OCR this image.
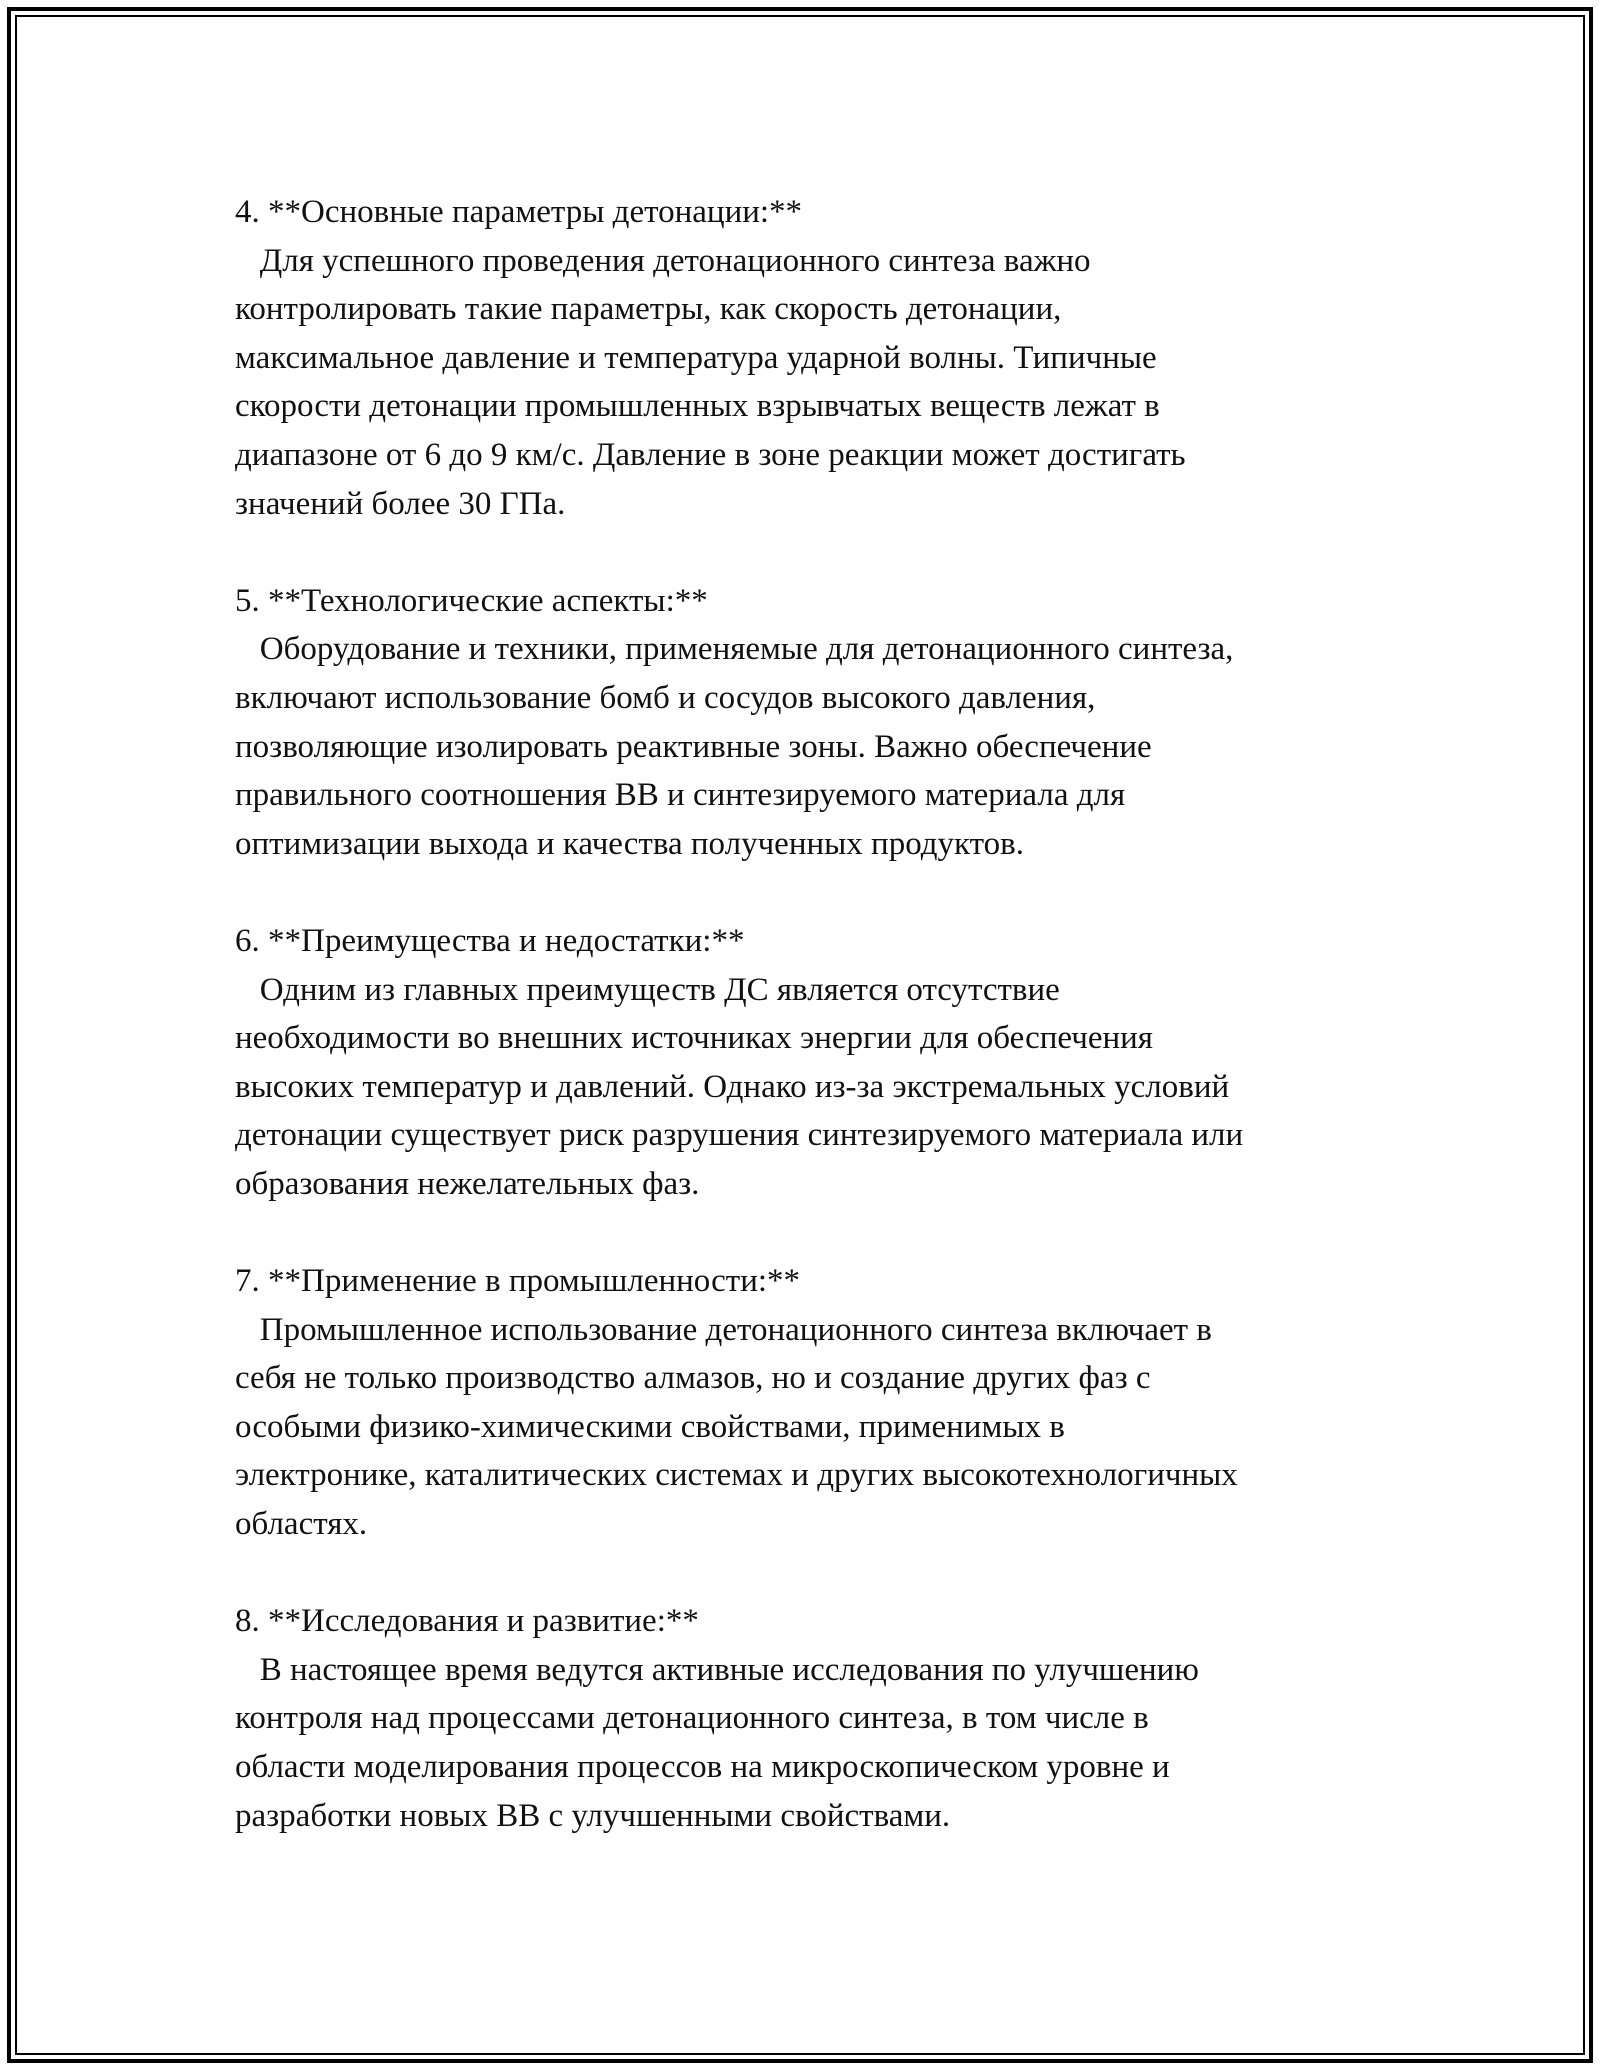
4. **Основные параметры детонации:**
Для успешного проведения детонационного синтеза важно
контролировать такие параметры, как скорость детонации,
максимальное давление и температура ударной волны. Типичные
скорости детонации промышленных взрывчатых веществ лежат в
диапазоне от 6 до 9 км/с. Давление в зоне реакции может достигать
значений более 30 ГПа.
5. **Технологические аспекты:**
Оборудование и техники, применяемые для детонационного синтеза,
включают использование бомб и сосудов высокого давления,
позволяющие изолировать реактивные зоны. Важно обеспечение
правильного соотношения ВВ и синтезируемого материала для
оптимизации выхода и качества полученных продуктов.
6. **Преимущества и недостатки:**
Одним из главных преимуществ ДС является отсутствие
необходимости во внешних источниках энергии для обеспечения
высоких температур и давлений. Однако из-за экстремальных условий
детонации существует риск разрушения синтезируемого материала или
образования нежелательных фаз.
7. **Применение в промышленности:**
Промышленное использование детонационного синтеза включает в
себя не только производство алмазов, но и создание других фаз с
особыми физико-химическими свойствами, применимых в
электронике, каталитических системах и других высокотехнологичных
областях.
8. **Исследования и развитие:**
В настоящее время ведутся активные исследования по улучшению
контроля над процессами детонационного синтеза, в том числе в
области моделирования процессов на микроскопическом уровне и
разработки новых ВВ с улучшенными свойствами.
